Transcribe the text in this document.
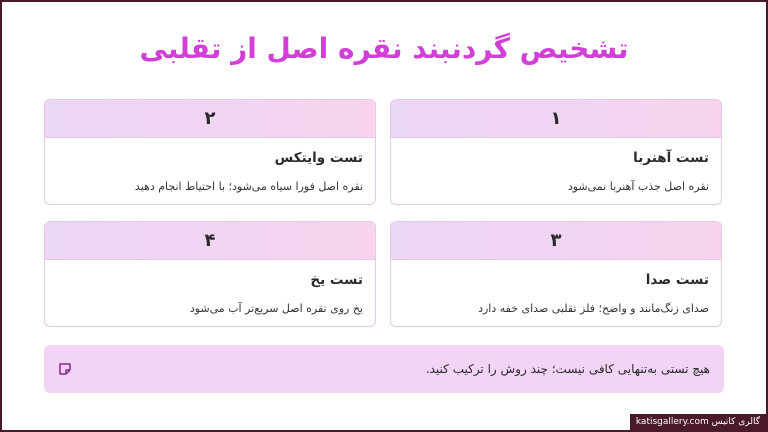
تشخیص گردنبند نقره اصل از تقلبی
۱
تست آهنربا
نقره اصل جذب آهنربا نمی‌شود
۲
تست وایتکس
نقره اصل فورا سیاه می‌شود؛ با احتیاط انجام دهید
۳
تست صدا
صدای زنگ‌مانند و واضح؛ فلز تقلبی صدای خفه دارد
۴
تست یخ
یخ روی نقره اصل سریع‌تر آب می‌شود
هیچ تستی به‌تنهایی کافی نیست؛ چند روش را ترکیب کنید.
گالری کاتیس katisgallery.com
